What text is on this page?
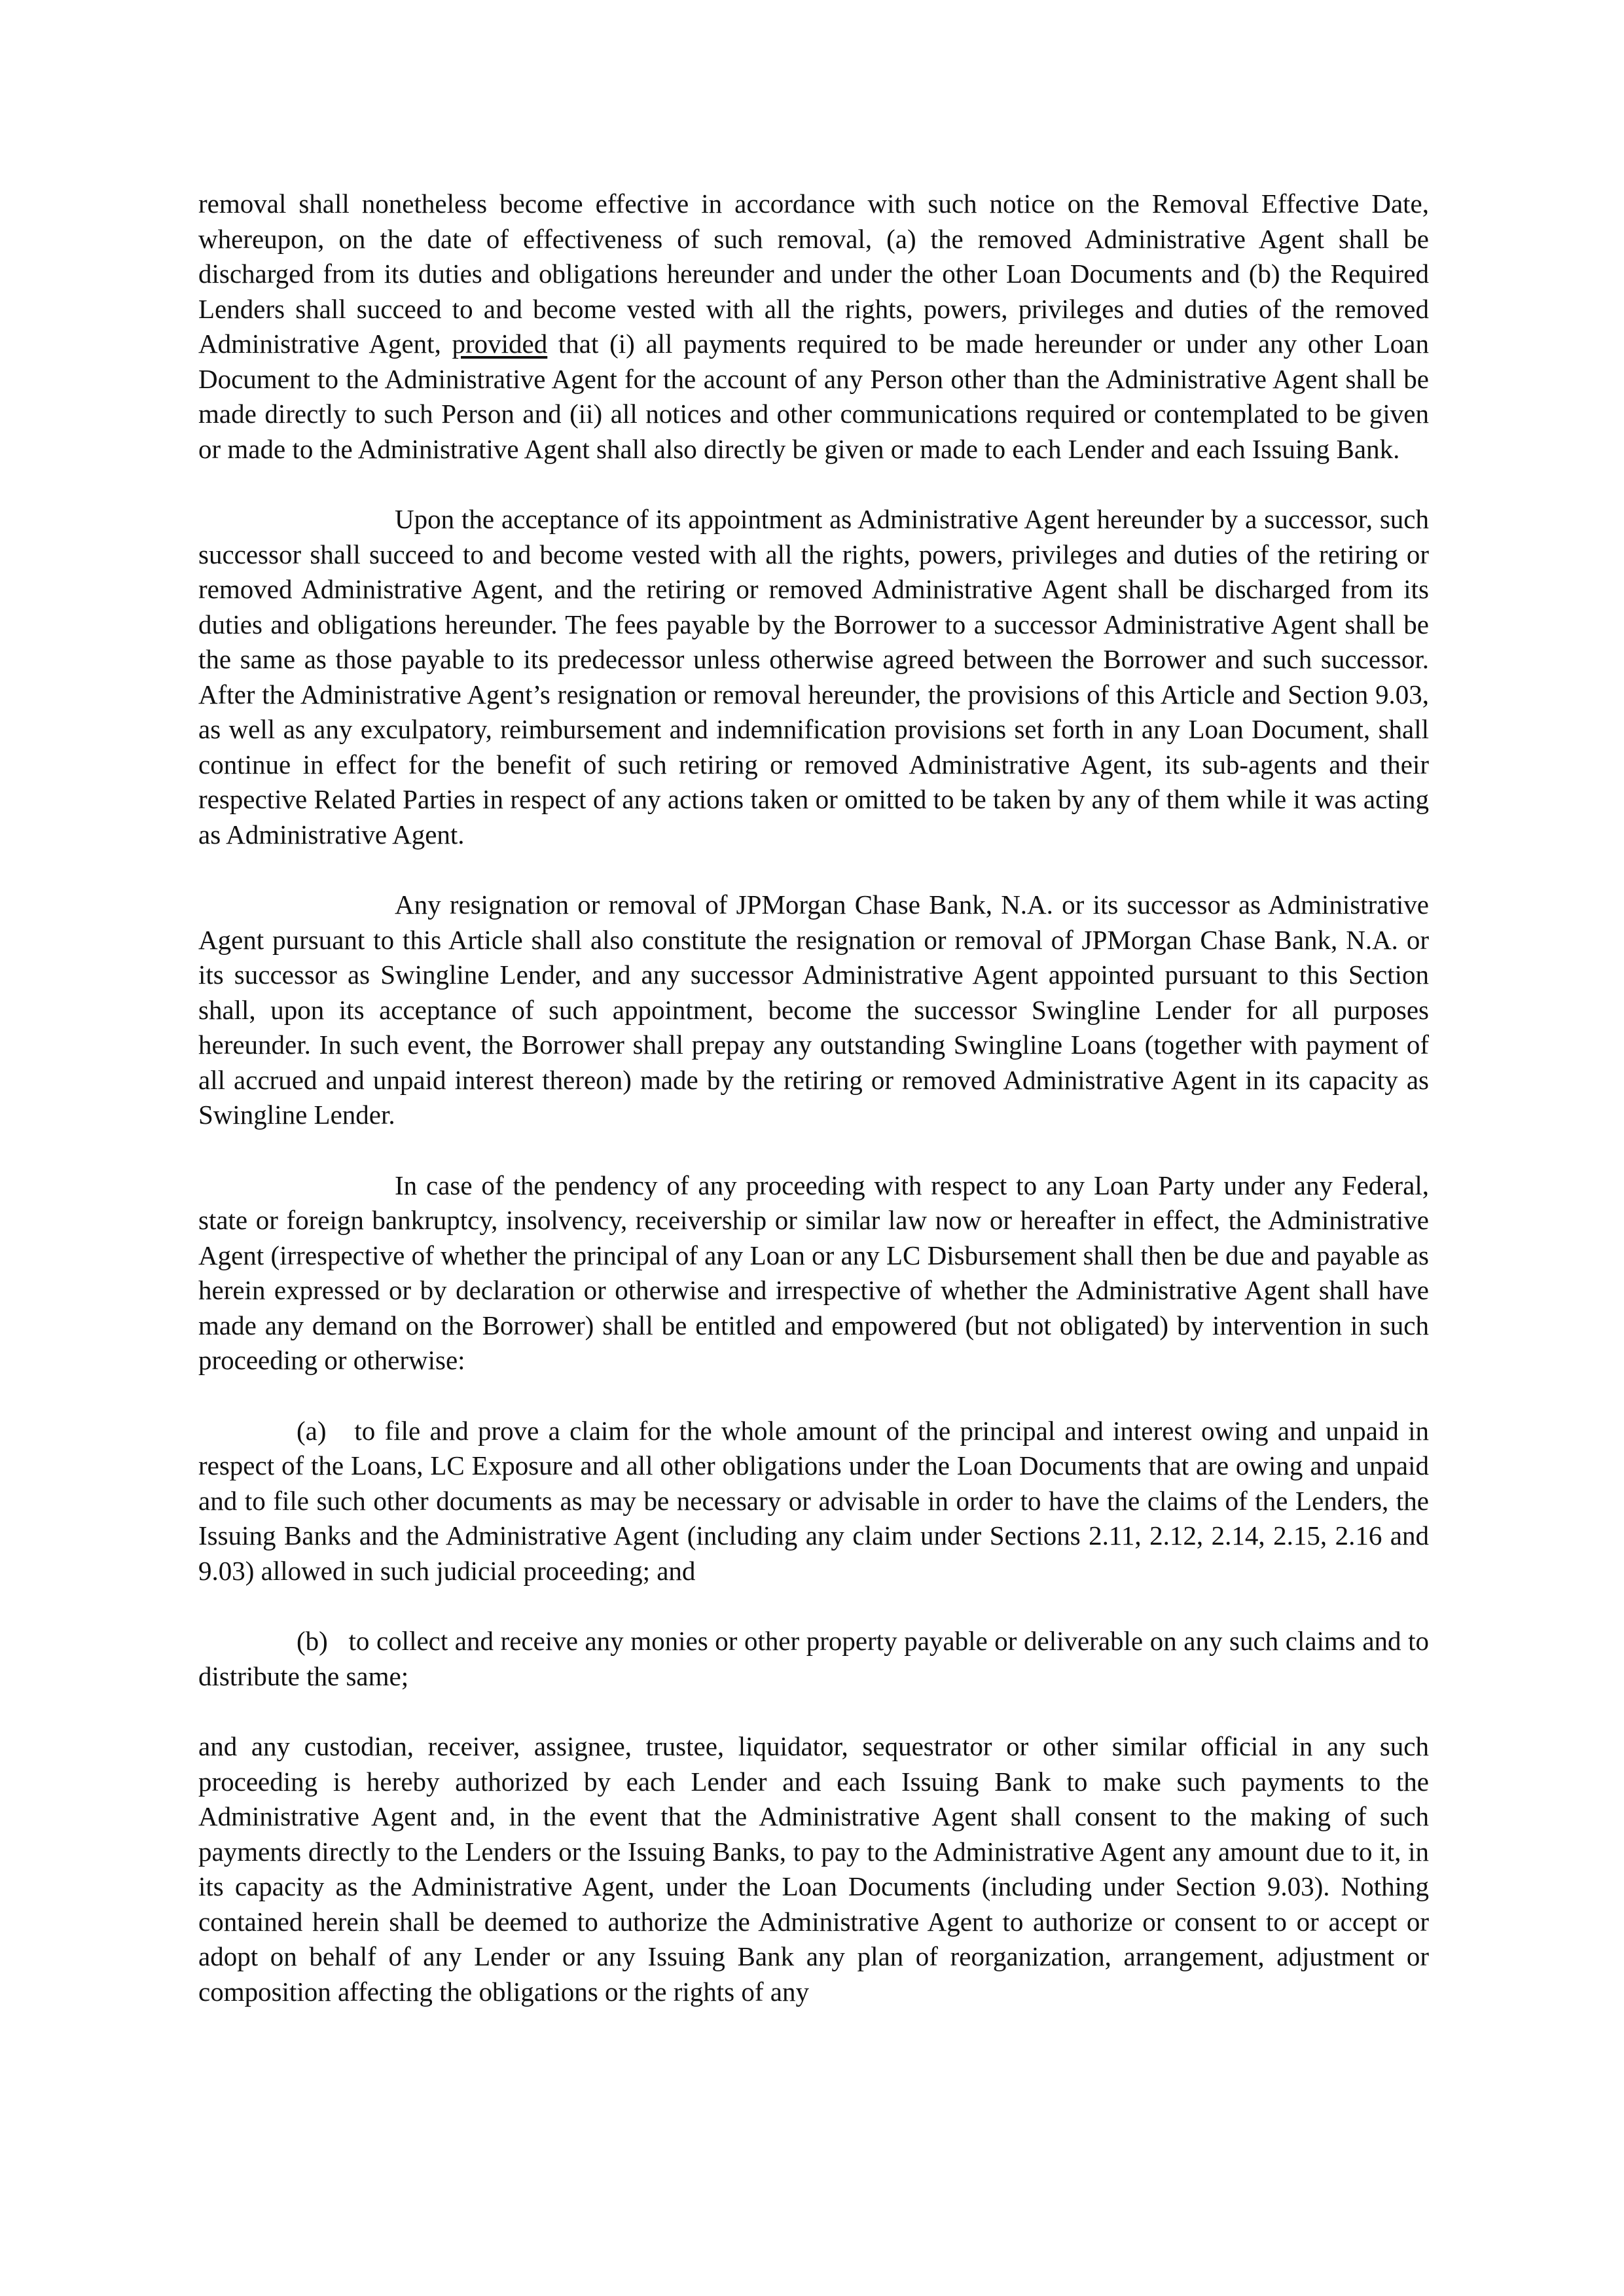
removal shall nonetheless become effective in accordance with such notice on the Removal Effective Date, whereupon, on the date of effectiveness of such removal, (a) the removed Administrative Agent shall be discharged from its duties and obligations hereunder and under the other Loan Documents and (b) the Required Lenders shall succeed to and become vested with all the rights, powers, privileges and duties of the removed Administrative Agent, provided that (i) all payments required to be made hereunder or under any other Loan Document to the Administrative Agent for the account of any Person other than the Administrative Agent shall be made directly to such Person and (ii) all notices and other communications required or contemplated to be given or made to the Administrative Agent shall also directly be given or made to each Lender and each Issuing Bank.

Upon the acceptance of its appointment as Administrative Agent hereunder by a successor, such successor shall succeed to and become vested with all the rights, powers, privileges and duties of the retiring or removed Administrative Agent, and the retiring or removed Administrative Agent shall be discharged from its duties and obligations hereunder. The fees payable by the Borrower to a successor Administrative Agent shall be the same as those payable to its predecessor unless otherwise agreed between the Borrower and such successor. After the Administrative Agent’s resignation or removal hereunder, the provisions of this Article and Section 9.03, as well as any exculpatory, reimbursement and indemnification provisions set forth in any Loan Document, shall continue in effect for the benefit of such retiring or removed Administrative Agent, its sub-agents and their respective Related Parties in respect of any actions taken or omitted to be taken by any of them while it was acting as Administrative Agent.

Any resignation or removal of JPMorgan Chase Bank, N.A. or its successor as Administrative Agent pursuant to this Article shall also constitute the resignation or removal of JPMorgan Chase Bank, N.A. or its successor as Swingline Lender, and any successor Administrative Agent appointed pursuant to this Section shall, upon its acceptance of such appointment, become the successor Swingline Lender for all purposes hereunder. In such event, the Borrower shall prepay any outstanding Swingline Loans (together with payment of all accrued and unpaid interest thereon) made by the retiring or removed Administrative Agent in its capacity as Swingline Lender.

In case of the pendency of any proceeding with respect to any Loan Party under any Federal, state or foreign bankruptcy, insolvency, receivership or similar law now or hereafter in effect, the Administrative Agent (irrespective of whether the principal of any Loan or any LC Disbursement shall then be due and payable as herein expressed or by declaration or otherwise and irrespective of whether the Administrative Agent shall have made any demand on the Borrower) shall be entitled and empowered (but not obligated) by intervention in such proceeding or otherwise:

(a) to file and prove a claim for the whole amount of the principal and interest owing and unpaid in respect of the Loans, LC Exposure and all other obligations under the Loan Documents that are owing and unpaid and to file such other documents as may be necessary or advisable in order to have the claims of the Lenders, the Issuing Banks and the Administrative Agent (including any claim under Sections 2.11, 2.12, 2.14, 2.15, 2.16 and 9.03) allowed in such judicial proceeding; and

(b) to collect and receive any monies or other property payable or deliverable on any such claims and to distribute the same;

and any custodian, receiver, assignee, trustee, liquidator, sequestrator or other similar official in any such proceeding is hereby authorized by each Lender and each Issuing Bank to make such payments to the Administrative Agent and, in the event that the Administrative Agent shall consent to the making of such payments directly to the Lenders or the Issuing Banks, to pay to the Administrative Agent any amount due to it, in its capacity as the Administrative Agent, under the Loan Documents (including under Section 9.03). Nothing contained herein shall be deemed to authorize the Administrative Agent to authorize or consent to or accept or adopt on behalf of any Lender or any Issuing Bank any plan of reorganization, arrangement, adjustment or composition affecting the obligations or the rights of any
